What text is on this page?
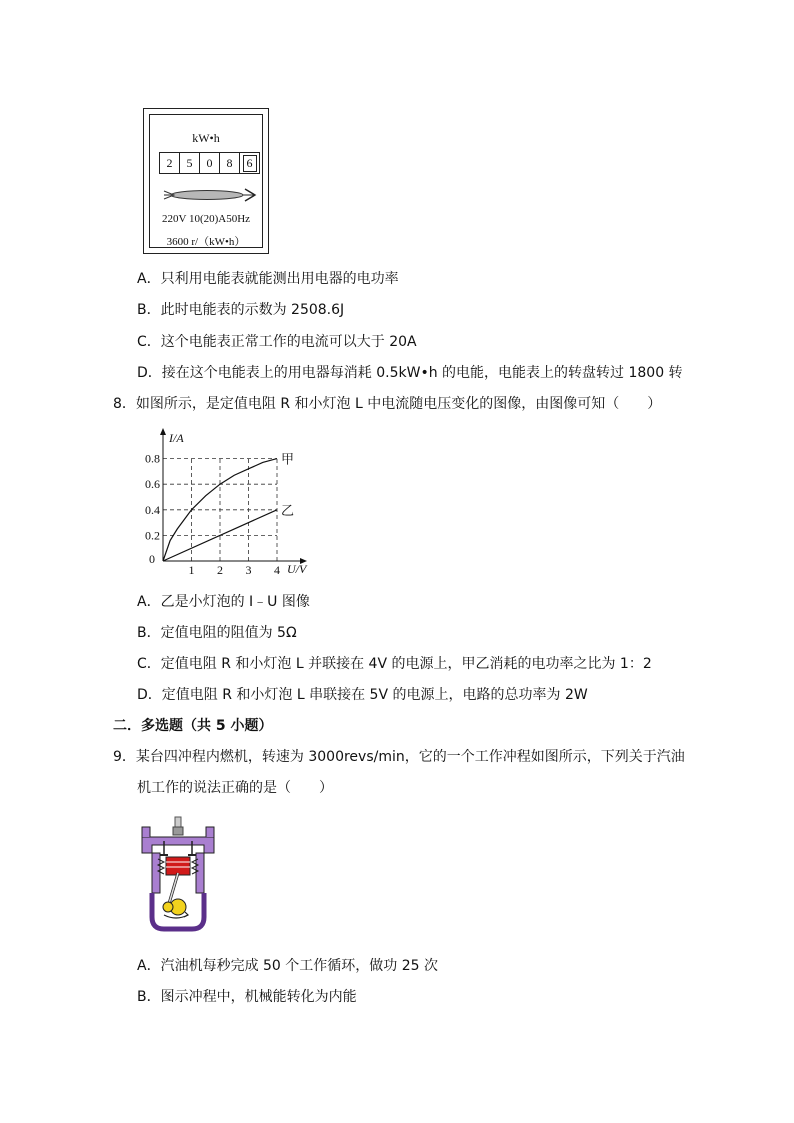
kW•h
2	5	0	8	6
220V 10(20)A50Hz
3600 r/（kW•h）
A．只利用电能表就能测出用电器的电功率
B．此时电能表的示数为 2508.6J
C．这个电能表正常工作的电流可以大于 20A
D．接在这个电能表上的用电器每消耗 0.5kW•h 的电能，电能表上的转盘转过 1800 转
8．如图所示，是定值电阻 R 和小灯泡 L 中电流随电压变化的图像，由图像可知（　　）
甲
乙
1 2 3 4
0.2
0.4
0.6
0.8
0
U/V
I/A
A．乙是小灯泡的 I﹣U 图像
B．定值电阻的阻值为 5Ω
C．定值电阻 R 和小灯泡 L 并联接在 4V 的电源上，甲乙消耗的电功率之比为 1：2
D．定值电阻 R 和小灯泡 L 串联接在 5V 的电源上，电路的总功率为 2W
二．多选题（共 5 小题）
9．某台四冲程内燃机，转速为 3000revs/min，它的一个工作冲程如图所示，下列关于汽油
机工作的说法正确的是（　　）
A．汽油机每秒完成 50 个工作循环，做功 25 次
B．图示冲程中，机械能转化为内能
